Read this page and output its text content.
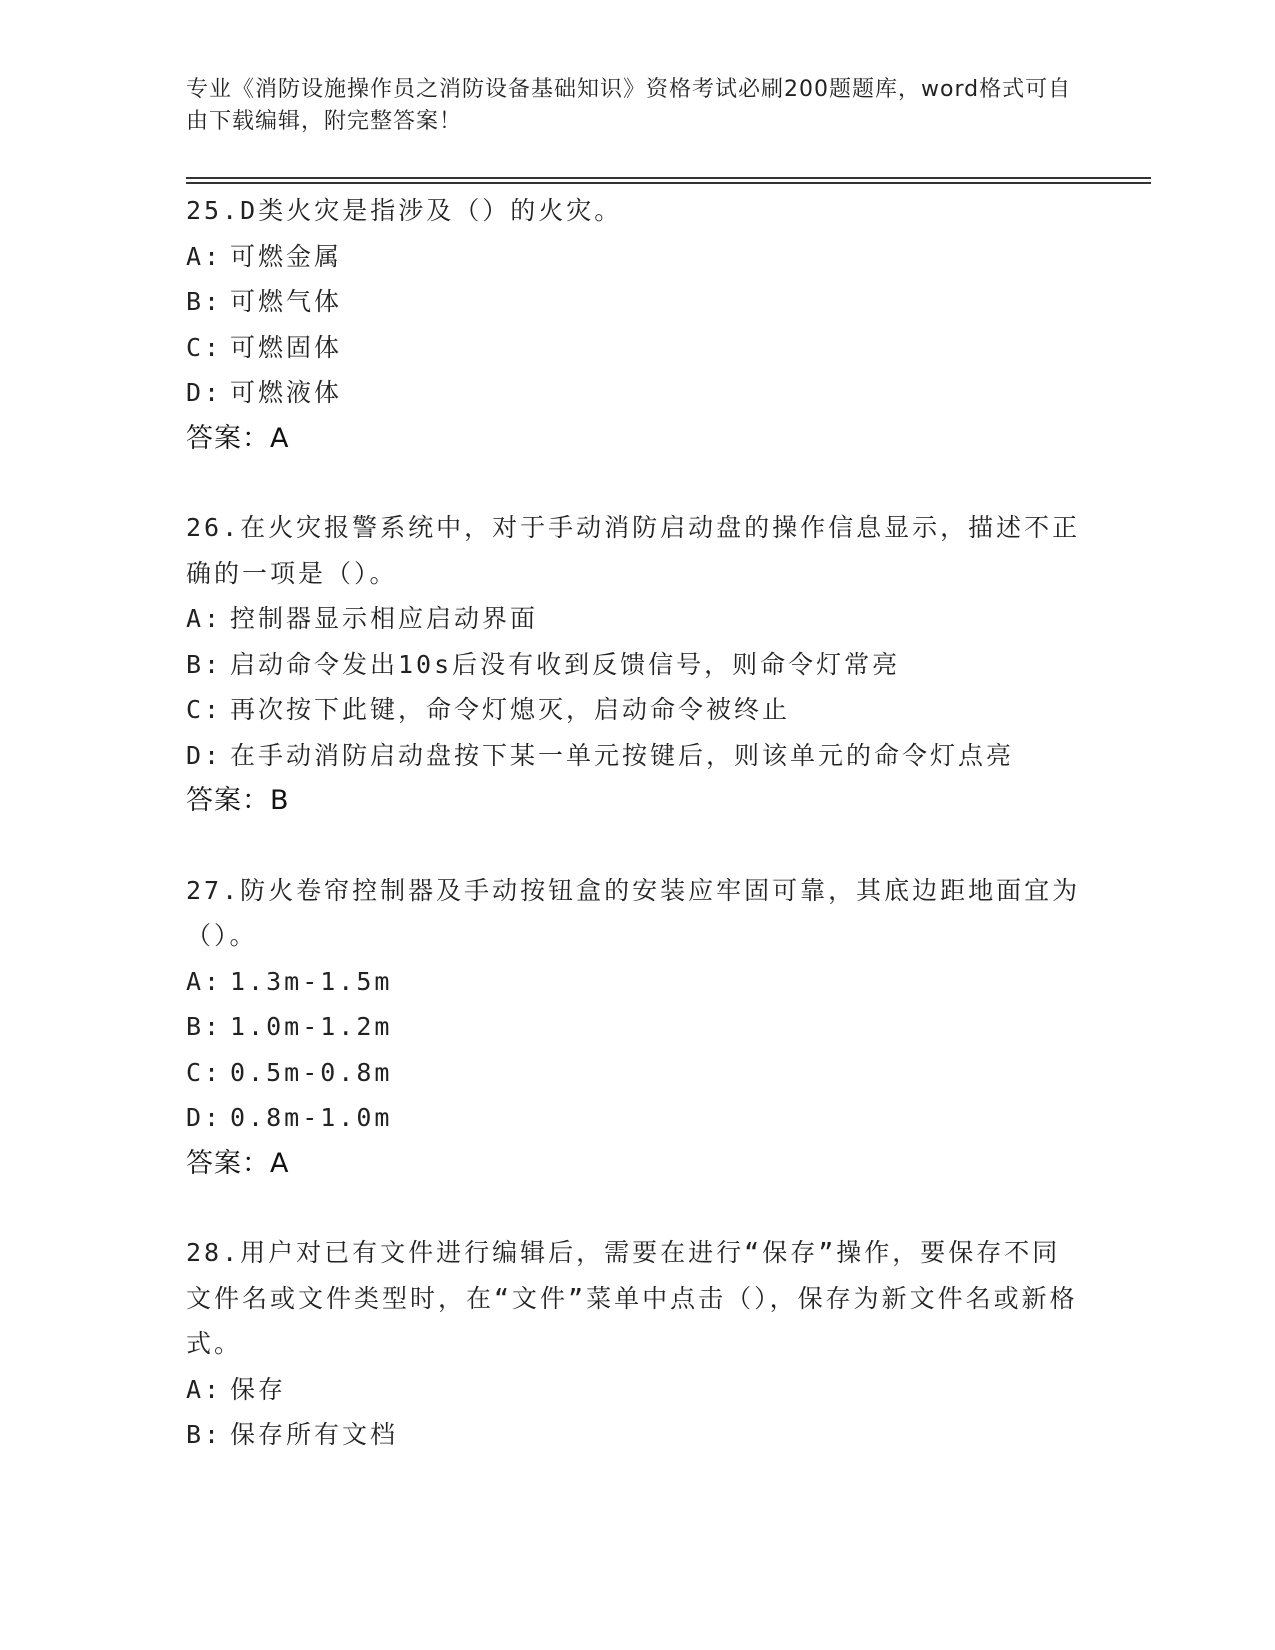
专业《消防设施操作员之消防设备基础知识》资格考试必刷200题题库，word格式可自由下载编辑，附完整答案！
25.D类火灾是指涉及（）的火灾。
A: 可燃金属
B: 可燃气体
C: 可燃固体
D: 可燃液体
答案：A
26.在火灾报警系统中，对于手动消防启动盘的操作信息显示，描述不正确的一项是（）。
A: 控制器显示相应启动界面
B: 启动命令发出10s后没有收到反馈信号，则命令灯常亮
C: 再次按下此键，命令灯熄灭，启动命令被终止
D: 在手动消防启动盘按下某一单元按键后，则该单元的命令灯点亮
答案：B
27.防火卷帘控制器及手动按钮盒的安装应牢固可靠，其底边距地面宜为（）。
A: 1.3m-1.5m
B: 1.0m-1.2m
C: 0.5m-0.8m
D: 0.8m-1.0m
答案：A
28.用户对已有文件进行编辑后，需要在进行“保存”操作，要保存不同文件名或文件类型时，在“文件”菜单中点击（），保存为新文件名或新格式。
A: 保存
B: 保存所有文档
